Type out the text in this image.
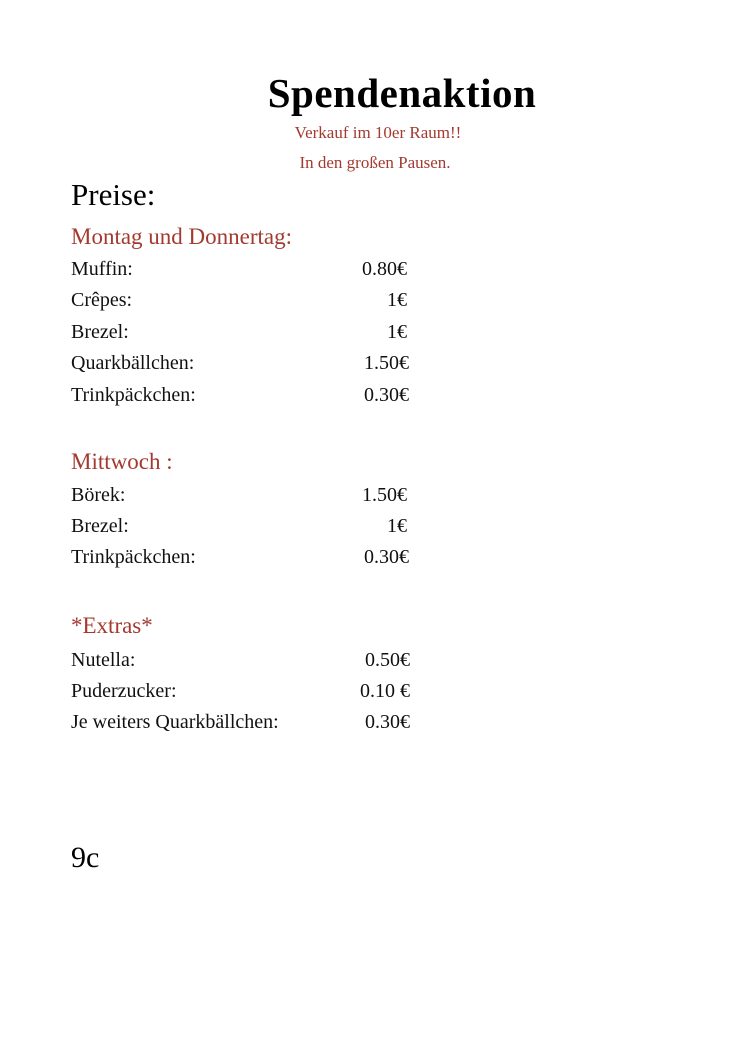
Spendenaktion
Verkauf im 10er Raum!!
In den großen Pausen.
Preise:
Montag und Donnertag:
Muffin:	0.80€
Crêpes:	1€
Brezel:	1€
Quarkbällchen:	1.50€
Trinkpäckchen:	0.30€
Mittwoch :
Börek:	1.50€
Brezel:	1€
Trinkpäckchen:	0.30€
*Extras*
Nutella:	0.50€
Puderzucker:	0.10 €
Je weiters Quarkbällchen:	0.30€
9c
